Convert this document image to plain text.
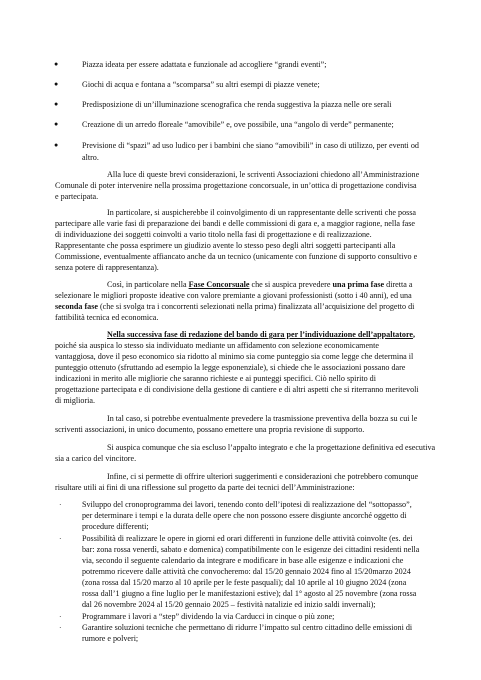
●	Piazza ideata per essere adattata e funzionale ad accogliere “grandi eventi”;
●	Giochi di acqua e fontana a “scomparsa” su altri esempi di piazze venete;
●	Predisposizione di un’illuminazione scenografica che renda suggestiva la piazza nelle ore serali
●	Creazione di un arredo floreale “amovibile” e, ove possibile, una “angolo di verde” permanente;
●	Previsione di “spazi” ad uso ludico per i bambini che siano “amovibili” in caso di utilizzo, per eventi od
altro.
Alla luce di queste brevi considerazioni, le scriventi Associazioni chiedono all’Amministrazione
Comunale di poter intervenire nella prossima progettazione concorsuale, in un’ottica di progettazione condivisa
e partecipata.
In particolare, si auspicherebbe il coinvolgimento di un rappresentante delle scriventi che possa
partecipare alle varie fasi di preparazione dei bandi e delle commissioni di gara e, a maggior ragione, nella fase
di individuazione dei soggetti coinvolti a vario titolo nella fasi di progettazione e di realizzazione.
Rappresentante che possa esprimere un giudizio avente lo stesso peso degli altri soggetti partecipanti alla
Commissione, eventualmente affiancato anche da un tecnico (unicamente con funzione di supporto consultivo e
senza potere di rappresentanza).
Così, in particolare nella Fase Concorsuale che si auspica prevedere una prima fase diretta a
selezionare le migliori proposte ideative con valore premiante a giovani professionisti (sotto i 40 anni), ed una
seconda fase (che si svolga tra i concorrenti selezionati nella prima) finalizzata all’acquisizione del progetto di
fattibilità tecnica ed economica.
Nella successiva fase di redazione del bando di gara per l’individuazione dell’appaltatore,
poiché sia auspica lo stesso sia individuato mediante un affidamento con selezione economicamente
vantaggiosa, dove il peso economico sia ridotto al minimo sia come punteggio sia come legge che determina il
punteggio ottenuto (sfruttando ad esempio la legge esponenziale), si chiede che le associazioni possano dare
indicazioni in merito alle migliorie che saranno richieste e ai punteggi specifici. Ciò nello spirito di
progettazione partecipata e di condivisione della gestione di cantiere e di altri aspetti che si riterranno meritevoli
di miglioria.
In tal caso, si potrebbe eventualmente prevedere la trasmissione preventiva della bozza su cui le
scriventi associazioni, in unico documento, possano emettere una propria revisione di supporto.
Si auspica comunque che sia escluso l’appalto integrato e che la progettazione definitiva ed esecutiva
sia a carico del vincitore.
Infine, ci si permette di offrire ulteriori suggerimenti e considerazioni che potrebbero comunque
risultare utili ai fini di una riflessione sul progetto da parte dei tecnici dell’Amministrazione:
·	Sviluppo del cronoprogramma dei lavori, tenendo conto dell’ipotesi di realizzazione del “sottopasso”,
per determinare i tempi e la durata delle opere che non possono essere disgiunte ancorché oggetto di
procedure differenti;
·	Possibilità di realizzare le opere in giorni ed orari differenti in funzione delle attività coinvolte (es. dei
bar: zona rossa venerdì, sabato e domenica) compatibilmente con le esigenze dei cittadini residenti nella
via, secondo il seguente calendario da integrare e modificare in base alle esigenze e indicazioni che
potremmo ricevere dalle attività che convocheremo: dal 15/20 gennaio 2024 fino al 15/20marzo 2024
(zona rossa dal 15/20 marzo al 10 aprile per le feste pasquali); dal 10 aprile al 10 giugno 2024 (zona
rossa dall’1 giugno a fine luglio per le manifestazioni estive); dal 1° agosto al 25 novembre (zona rossa
dal 26 novembre 2024 al 15/20 gennaio 2025 – festività natalizie ed inizio saldi invernali);
·	Programmare i lavori a “step” dividendo la via Carducci in cinque o più zone;
·	Garantire soluzioni tecniche che permettano di ridurre l’impatto sul centro cittadino delle emissioni di
rumore e polveri;
